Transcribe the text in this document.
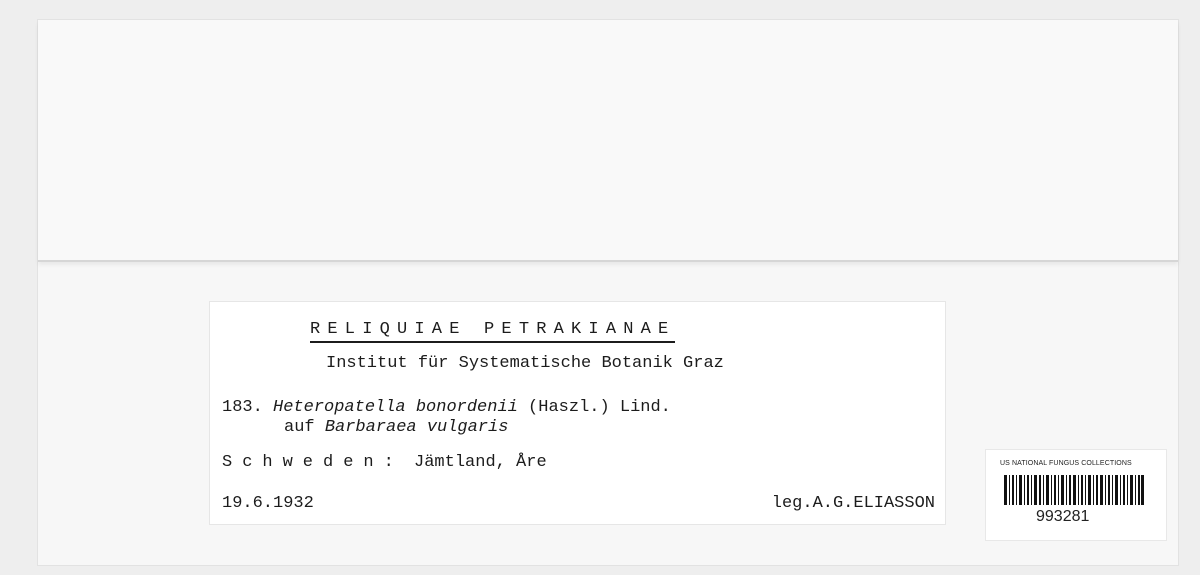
RELIQUIAE PETRAKIANAE
Institut für Systematische Botanik Graz
183. Heteropatella bonordenii (Haszl.) Lind.
auf Barbaraea vulgaris
Schweden: Jämtland, Åre
19.6.1932	leg.A.G.ELIASSON
US NATIONAL FUNGUS COLLECTIONS
993281
